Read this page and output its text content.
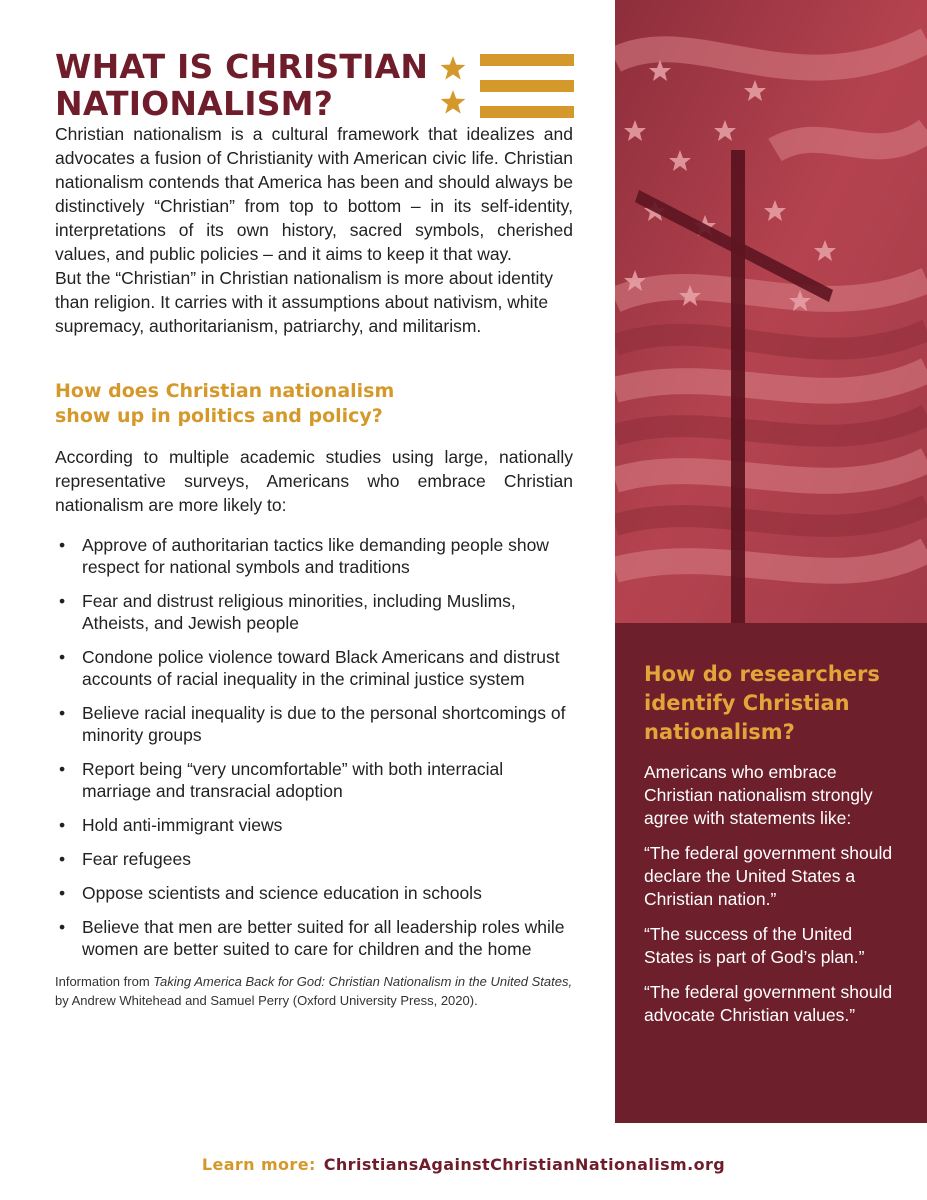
WHAT IS CHRISTIAN
NATIONALISM?

Christian nationalism is a cultural framework that idealizes and advocates a fusion of Christianity with American civic life. Christian nationalism contends that America has been and should always be distinctively “Christian” from top to bottom – in its self-identity, interpretations of its own history, sacred symbols, cherished values, and public policies – and it aims to keep it that way.

But the “Christian” in Christian nationalism is more about identity than religion. It carries with it assumptions about nativism, white supremacy, authoritarianism, patriarchy, and militarism.

How does Christian nationalism
show up in politics and policy?

According to multiple academic studies using large, nationally representative surveys, Americans who embrace Christian nationalism are more likely to:

• Approve of authoritarian tactics like demanding people show respect for national symbols and traditions
• Fear and distrust religious minorities, including Muslims, Atheists, and Jewish people
• Condone police violence toward Black Americans and distrust accounts of racial inequality in the criminal justice system
• Believe racial inequality is due to the personal shortcomings of minority groups
• Report being “very uncomfortable” with both interracial marriage and transracial adoption
• Hold anti-immigrant views
• Fear refugees
• Oppose scientists and science education in schools
• Believe that men are better suited for all leadership roles while women are better suited to care for children and the home

Information from Taking America Back for God: Christian Nationalism in the United States, by Andrew Whitehead and Samuel Perry (Oxford University Press, 2020).

How do researchers
identify Christian
nationalism?

Americans who embrace Christian nationalism strongly agree with statements like:

“The federal government should declare the United States a Christian nation.”

“The success of the United States is part of God’s plan.”

“The federal government should advocate Christian values.”

Learn more: ChristiansAgainstChristianNationalism.org
